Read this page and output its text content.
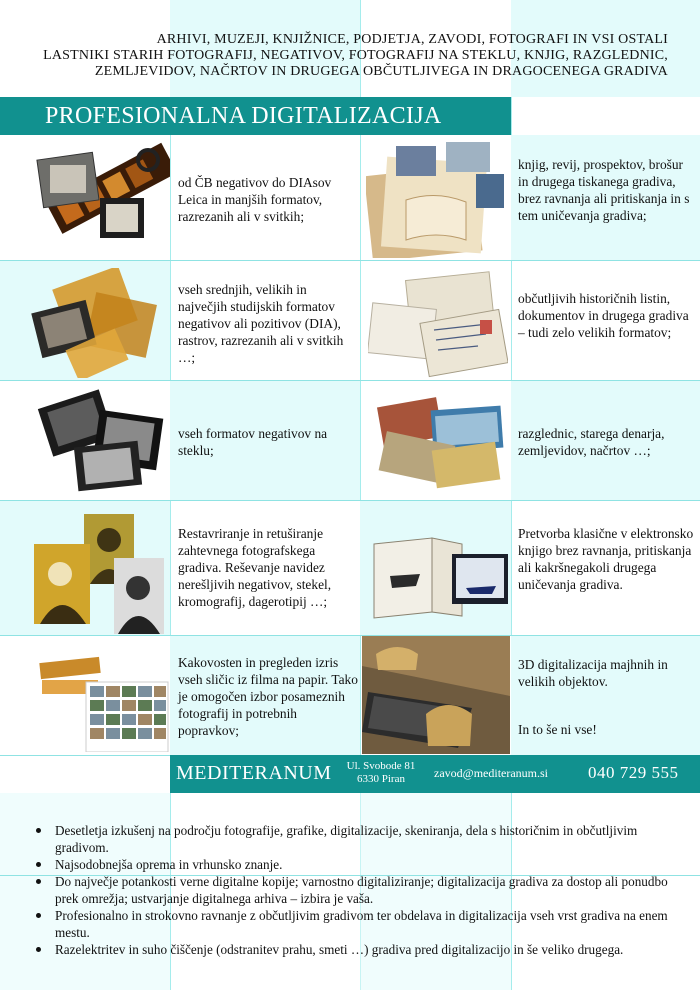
ARHIVI, MUZEJI, KNJIŽNICE, PODJETJA, ZAVODI, FOTOGRAFI IN VSI OSTALI
LASTNIKI STARIH FOTOGRAFIJ, NEGATIVOV, FOTOGRAFIJ NA STEKLU, KNJIG, RAZGLEDNIC,
ZEMLJEVIDOV, NAČRTOV IN DRUGEGA OBČUTLJIVEGA IN DRAGOCENEGA GRADIVA
PROFESIONALNA DIGITALIZACIJA
od ČB negativov do DIAsov Leica in manjših formatov, razrezanih ali v svitkih;
knjig, revij, prospektov, brošur in drugega tiskanega gradiva, brez ravnanja ali pritiskanja in s tem uničevanja gradiva;
vseh srednjih, velikih in največjih studijskih formatov negativov ali pozitivov (DIA), rastrov, razrezanih ali v svitkih …;
občutljivih historičnih listin, dokumentov in drugega gradiva – tudi zelo velikih formatov;
vseh formatov negativov na steklu;
razglednic, starega denarja, zemljevidov, načrtov …;
Restavriranje in retuširanje zahtevnega fotografskega gradiva. Reševanje navidez nerešljivih negativov, stekel, kromografij, dagerotipij …;
Pretvorba klasične v elektronsko knjigo brez ravnanja, pritiskanja ali kakršnegakoli drugega uničevanja gradiva.
Kakovosten in pregleden izris vseh sličic iz filma na papir. Tako je omogočen izbor posameznih fotografij in potrebnih popravkov;
3D digitalizacija majhnih in velikih objektov.
In to še ni vse!
MEDITERANUM Ul. Svobode 81
6330 Piran	zavod@mediteranum.si 040 729 555
Desetletja izkušenj na področju fotografije, grafike, digitalizacije, skeniranja, dela s historičnim in občutljivim gradivom.
Najsodobnejša oprema in vrhunsko znanje.
Do največje potankosti verne digitalne kopije; varnostno digitaliziranje; digitalizacija gradiva za dostop ali ponudbo prek omrežja; ustvarjanje digitalnega arhiva – izbira je vaša.
Profesionalno in strokovno ravnanje z občutljivim gradivom ter obdelava in digitalizacija vseh vrst gradiva na enem mestu.
Razelektritev in suho čiščenje (odstranitev prahu, smeti …) gradiva pred digitalizacijo in še veliko drugega.
